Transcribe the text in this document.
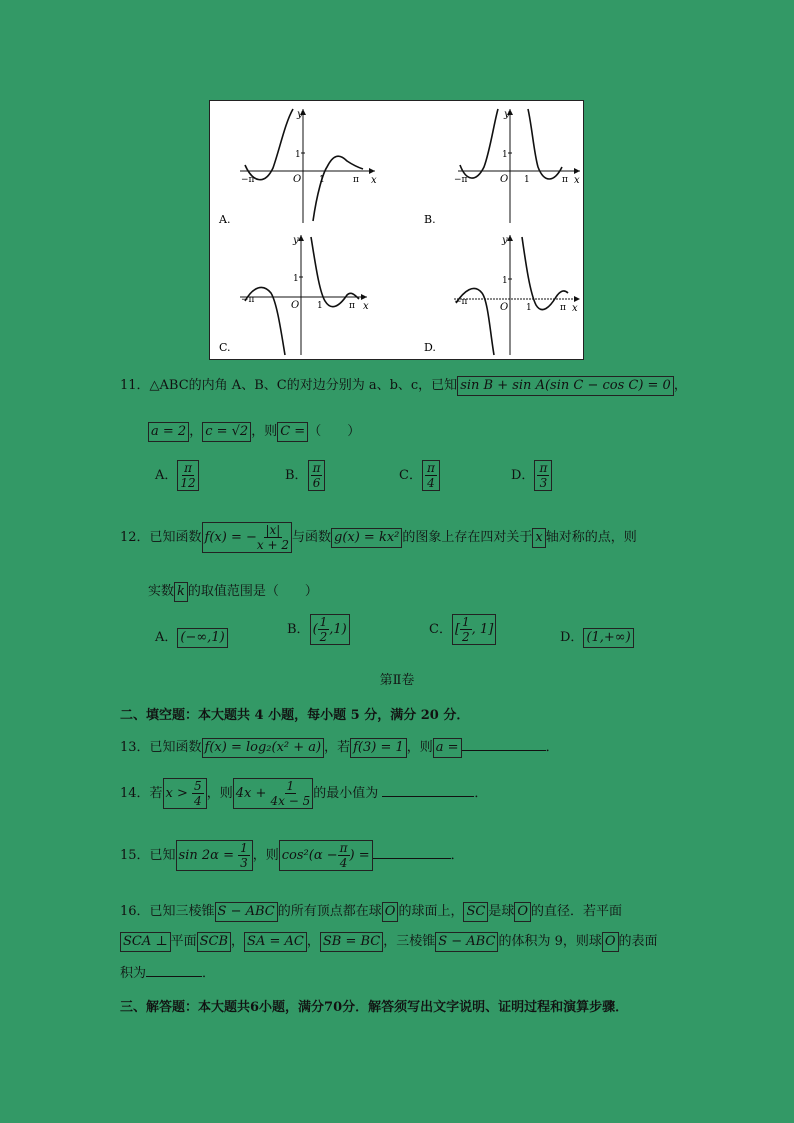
y
x
O
1
1
−π	π
A.
y
x
O
1
1
−π	π
B.
y
x
O
1
1
−π
π
C.
y
x
O
1
1
−π
π
D.
11．△ABC的内角 A、B、C的对边分别为 a、b、c，已知 sin B + sin A(sin C − cos C) = 0 ，
a = 2 ， c = √2 ，则 C = （　　）
A． $\frac{\pi}{12}$	B． $\frac{\pi}{6}$	C． $\frac{\pi}{4}$	D． $\frac{\pi}{3}$
12．已知函数 f(x) = − $\frac{|x|}{x + 2}$ 与函数 g(x) = kx² 的图象上存在四对关于 x 轴对称的点，则
实数 k 的取值范围是（　　）
A． (−∞,1)	B． ( $\frac{1}{2} ,1$)	C． [ $\frac{1}{2}$ , 1]
D． (1,+∞)
第Ⅱ卷
二、填空题：本大题共 4 小题，每小题 5 分，满分 20 分．
13．已知函数 f(x) = log₂(x² + a) ，若 f(3) = 1 ，则 a =	．
14．若 $x > \frac{5}{4}$ ，则 $4x + \frac{1}{4x - 5}$ 的最小值为	．
15．已知 $\sin 2\alpha = \frac{1}{3}$ ，则 $\cos^2(\alpha - \frac{\pi}{4}$ ) =	．
16．已知三棱锥 S − ABC 的所有顶点都在球 O 的球面上， SC 是球 O 的直径．若平面
SCA ⊥ 平面 SCB ， SA = AC ， SB = BC ，三棱锥 S − ABC 的体积为 9，则球 O 的表面
积为	．
三、解答题：本大题共6小题，满分70分．解答须写出文字说明、证明过程和演算步骤．
